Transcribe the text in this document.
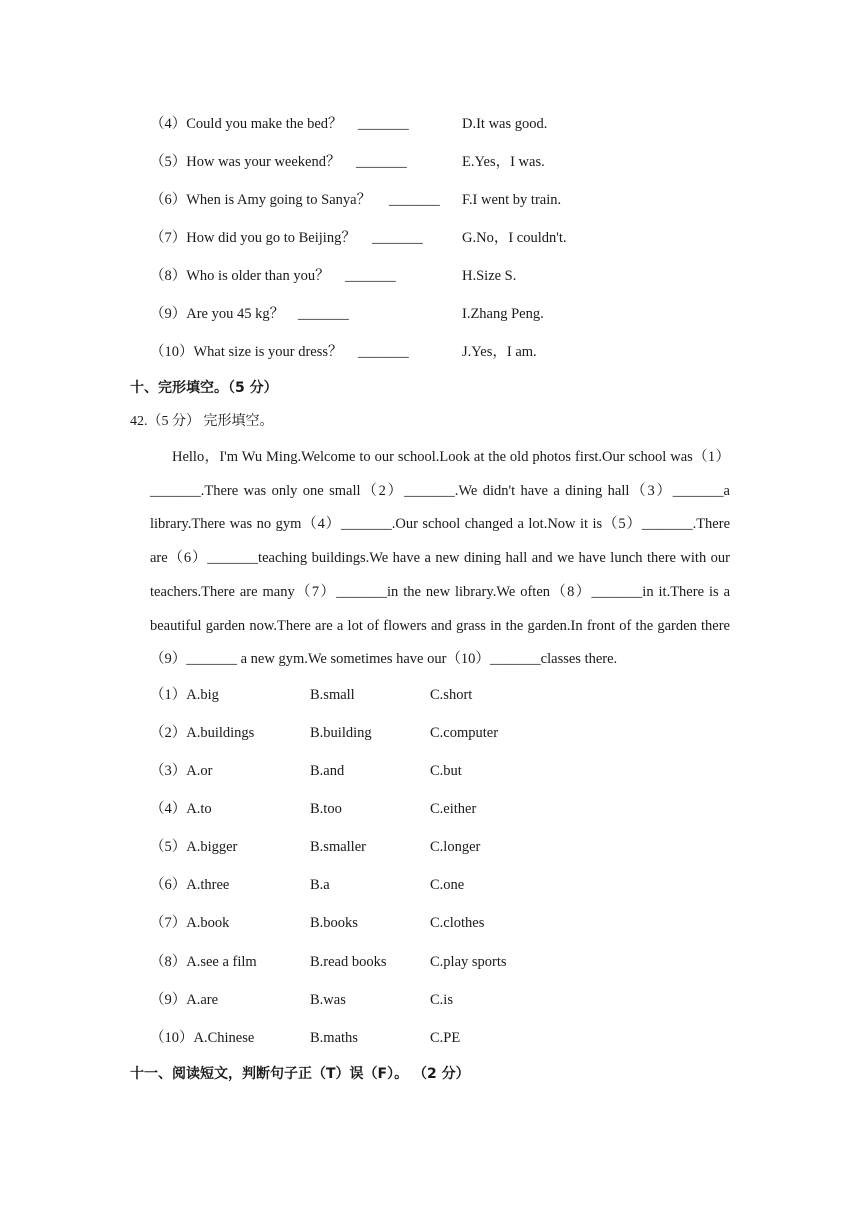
（4）Could you make the bed？ _______	D.It was good.
（5）How was your weekend？ _______	E.Yes，I was.
（6）When is Amy going to Sanya？ _______ F.I went by train.
（7）How did you go to Beijing？ _______	G.No，I couldn't.
（8）Who is older than you？ _______	H.Size S.
（9）Are you 45 kg？ _______	I.Zhang Peng.
（10）What size is your dress？ _______	J.Yes，I am.
十、完形填空。（5 分）
42.（5 分） 完形填空。
Hello，I'm Wu Ming.Welcome to our school.Look at the old photos first.Our school was（1）_______.There was only one small（2）_______.We didn't have a dining hall（3）_______a library.There was no gym（4）_______.Our school changed a lot.Now it is（5）_______.There are（6）_______teaching buildings.We have a new dining hall and we have lunch there with our teachers.There are many（7）_______in the new library.We often（8）_______in it.There is a beautiful garden now.There are a lot of flowers and grass in the garden.In front of the garden there（9）_______ a new gym.We sometimes have our（10）_______classes there.
（1）A.big	B.small	C.short
（2）A.buildings	B.building	C.computer
（3）A.or	B.and	C.but
（4）A.to	B.too	C.either
（5）A.bigger	B.smaller	C.longer
（6）A.three	B.a	C.one
（7）A.book	B.books	C.clothes
（8）A.see a film	B.read books	C.play sports
（9）A.are	B.was	C.is
（10）A.Chinese	B.maths	C.PE
十一、阅读短文，判断句子正（T）误（F）。 （2 分）
